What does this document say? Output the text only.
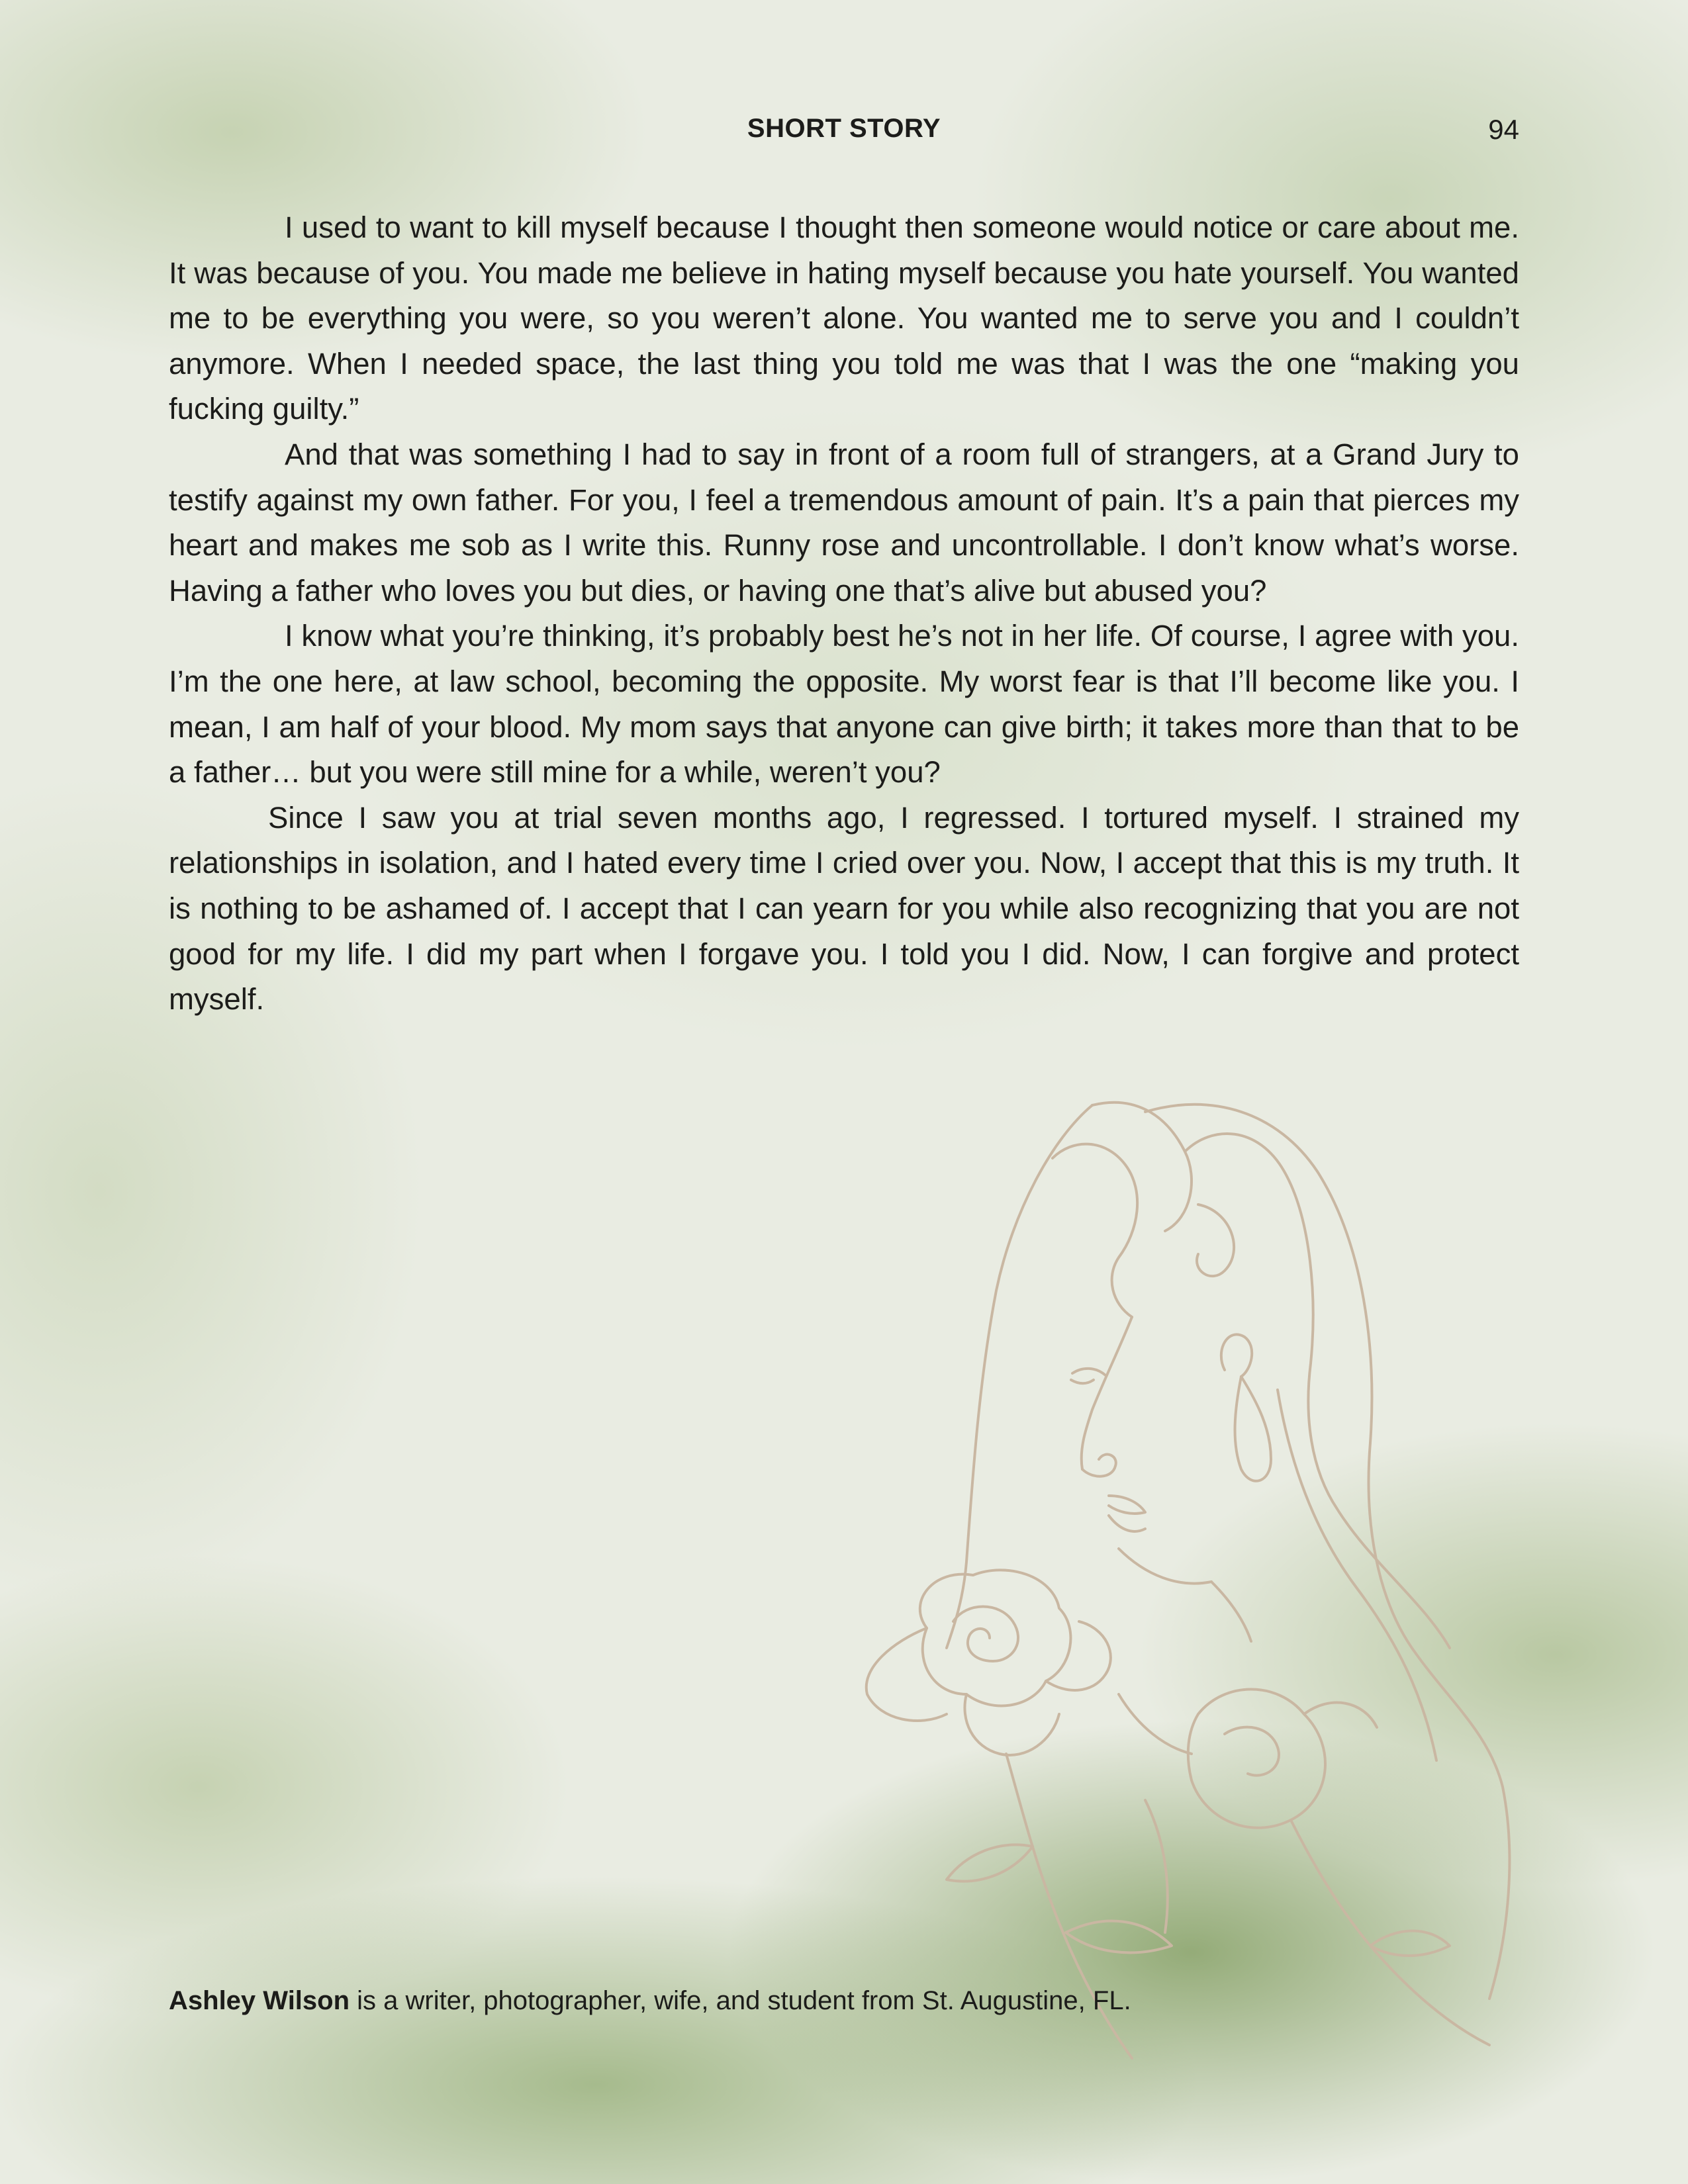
SHORT STORY	94

I used to want to kill myself because I thought then someone would notice or care about me. It was because of you. You made me believe in hating myself because you hate yourself. You wanted me to be everything you were, so you weren’t alone. You wanted me to serve you and I couldn’t anymore. When I needed space, the last thing you told me was that I was the one “making you fucking guilty.”

And that was something I had to say in front of a room full of strangers, at a Grand Jury to testify against my own father. For you, I feel a tremendous amount of pain. It’s a pain that pierces my heart and makes me sob as I write this. Runny rose and uncontrollable. I don’t know what’s worse. Having a father who loves you but dies, or having one that’s alive but abused you?

I know what you’re thinking, it’s probably best he’s not in her life. Of course, I agree with you. I’m the one here, at law school, becoming the opposite. My worst fear is that I’ll become like you. I mean, I am half of your blood. My mom says that anyone can give birth; it takes more than that to be a father… but you were still mine for a while, weren’t you?

Since I saw you at trial seven months ago, I regressed. I tortured myself. I strained my relationships in isolation, and I hated every time I cried over you. Now, I accept that this is my truth. It is nothing to be ashamed of. I accept that I can yearn for you while also recognizing that you are not good for my life. I did my part when I forgave you. I told you I did. Now, I can forgive and protect myself.

Ashley Wilson is a writer, photographer, wife, and student from St. Augustine, FL.
